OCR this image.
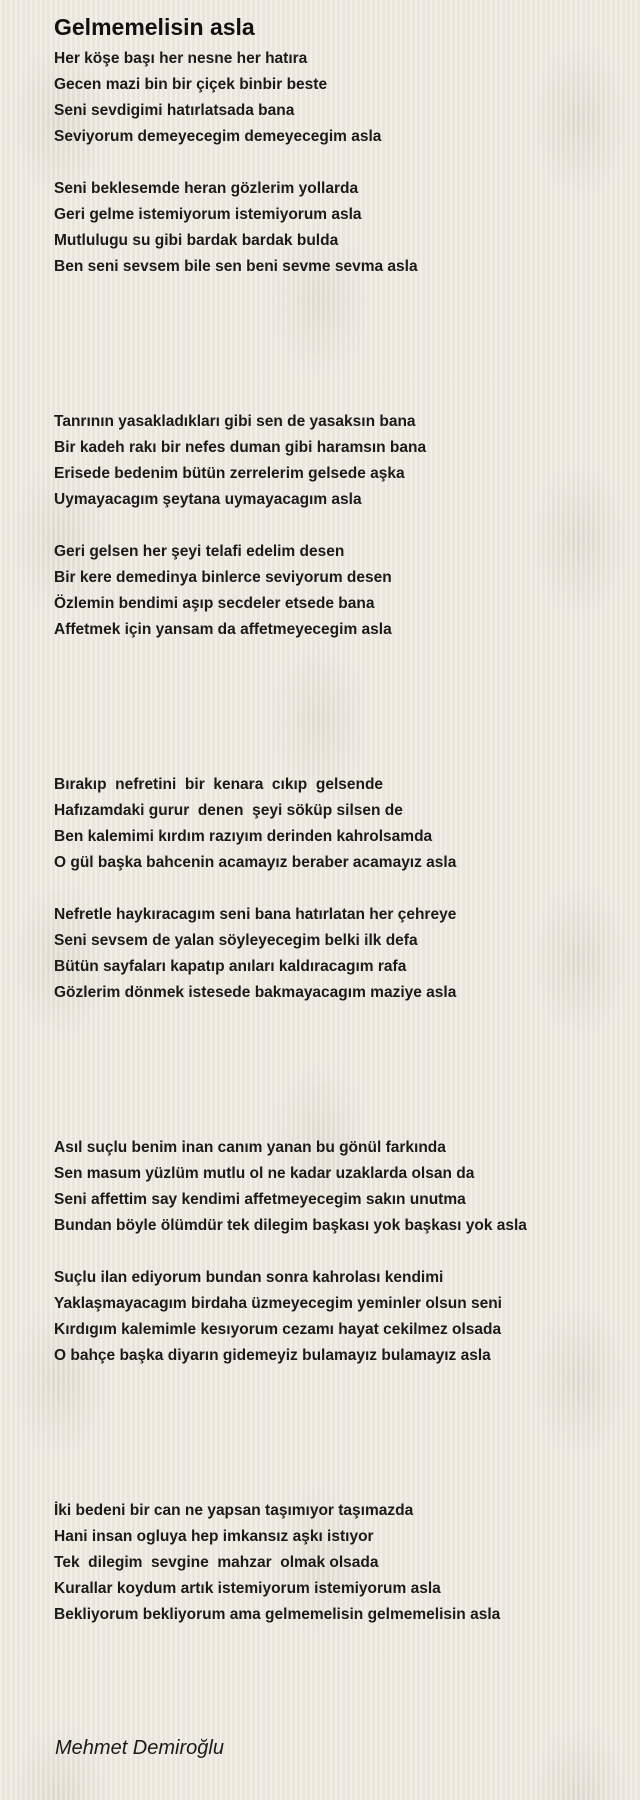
Gelmemelisin asla
Her köşe başı her nesne her hatıra
Gecen mazi bin bir çiçek binbir beste
Seni sevdigimi hatırlatsada bana
Seviyorum demeyecegim demeyecegim asla
Seni beklesemde heran gözlerim yollarda
Geri gelme istemiyorum istemiyorum asla
Mutlulugu su gibi bardak bardak bulda
Ben seni sevsem bile sen beni sevme sevma asla
Tanrının yasakladıkları gibi sen de yasaksın bana
Bir kadeh rakı bir nefes duman gibi haramsın bana
Erisede bedenim bütün zerrelerim gelsede aşka
Uymayacagım şeytana uymayacagım asla
Geri gelsen her şeyi telafi edelim desen
Bir kere demedinya binlerce seviyorum desen
Özlemin bendimi aşıp secdeler etsede bana
Affetmek için yansam da affetmeyecegim asla
Bırakıp  nefretini  bir  kenara  cıkıp  gelsende
Hafızamdaki gurur  denen  şeyi söküp silsen de
Ben kalemimi kırdım razıyım derinden kahrolsamda
O gül başka bahcenin acamayız beraber acamayız asla
Nefretle haykıracagım seni bana hatırlatan her çehreye
Seni sevsem de yalan söyleyecegim belki ilk defa
Bütün sayfaları kapatıp anıları kaldıracagım rafa
Gözlerim dönmek istesede bakmayacagım maziye asla
Asıl suçlu benim inan canım yanan bu gönül farkında
Sen masum yüzlüm mutlu ol ne kadar uzaklarda olsan da
Seni affettim say kendimi affetmeyecegim sakın unutma
Bundan böyle ölümdür tek dilegim başkası yok başkası yok asla
Suçlu ilan ediyorum bundan sonra kahrolası kendimi
Yaklaşmayacagım birdaha üzmeyecegim yeminler olsun seni
Kırdıgım kalemimle kesıyorum cezamı hayat cekilmez olsada
O bahçe başka diyarın gidemeyiz bulamayız bulamayız asla
İki bedeni bir can ne yapsan taşımıyor taşımazda
Hani insan ogluya hep imkansız aşkı istıyor
Tek  dilegim  sevgine  mahzar  olmak olsada
Kurallar koydum artık istemiyorum istemiyorum asla
Bekliyorum bekliyorum ama gelmemelisin gelmemelisin asla
Mehmet Demiroğlu
